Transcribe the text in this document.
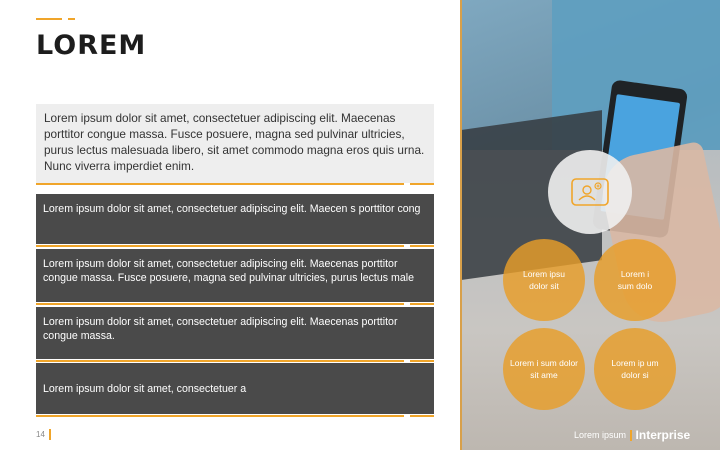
LOREM
Lorem ipsum dolor sit amet, consectetuer adipiscing elit. Maecenas porttitor congue massa. Fusce posuere, magna sed pulvinar ultricies, purus lectus malesuada libero, sit amet commodo magna eros quis urna. Nunc viverra imperdiet enim.
Lorem ipsum dolor sit amet, consectetuer adipiscing elit. Maecen s porttitor cong
Lorem ipsum dolor sit amet, consectetuer adipiscing elit. Maecenas porttitor congue massa. Fusce posuere, magna sed pulvinar ultricies, purus lectus male
Lorem ipsum dolor sit amet, consectetuer adipiscing elit. Maecenas porttitor congue massa.
Lorem ipsum dolor sit amet, consectetuer a
14
Lorem ipsu dolor sit
Lorem i sum dolo
Lorem i sum dolor sit ame
Lorem ip um dolor si
Lorem ipsum Interprise
